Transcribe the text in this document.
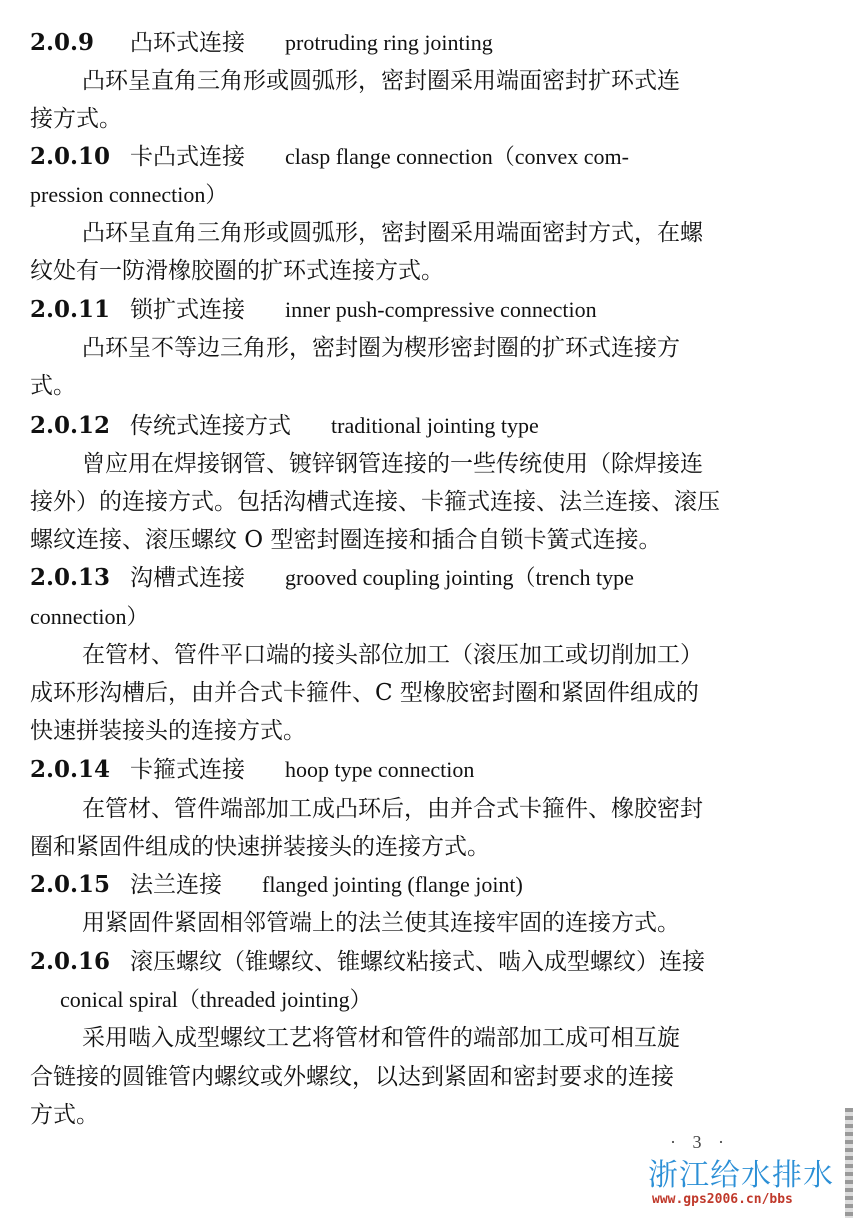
2.0.9 凸环式连接 protruding ring jointing
凸环呈直角三角形或圆弧形，密封圈采用端面密封扩环式连
接方式。
2.0.10 卡凸式连接 clasp flange connection（convex com-
pression connection）
凸环呈直角三角形或圆弧形，密封圈采用端面密封方式，在螺
纹处有一防滑橡胶圈的扩环式连接方式。
2.0.11 锁扩式连接 inner push-compressive connection
凸环呈不等边三角形，密封圈为楔形密封圈的扩环式连接方
式。
2.0.12 传统式连接方式 traditional jointing type
曾应用在焊接钢管、镀锌钢管连接的一些传统使用（除焊接连
接外）的连接方式。包括沟槽式连接、卡箍式连接、法兰连接、滚压
螺纹连接、滚压螺纹 O 型密封圈连接和插合自锁卡簧式连接。
2.0.13 沟槽式连接 grooved coupling jointing（trench type
connection）
在管材、管件平口端的接头部位加工（滚压加工或切削加工）
成环形沟槽后，由并合式卡箍件、C 型橡胶密封圈和紧固件组成的
快速拼装接头的连接方式。
2.0.14 卡箍式连接 hoop type connection
在管材、管件端部加工成凸环后，由并合式卡箍件、橡胶密封
圈和紧固件组成的快速拼装接头的连接方式。
2.0.15 法兰连接 flanged jointing (flange joint)
用紧固件紧固相邻管端上的法兰使其连接牢固的连接方式。
2.0.16 滚压螺纹（锥螺纹、锥螺纹粘接式、啮入成型螺纹）连接
conical spiral（threaded jointing）
采用啮入成型螺纹工艺将管材和管件的端部加工成可相互旋
合链接的圆锥管内螺纹或外螺纹，以达到紧固和密封要求的连接
方式。
· 3 ·
浙江给水排水
www.gps2006.cn/bbs
